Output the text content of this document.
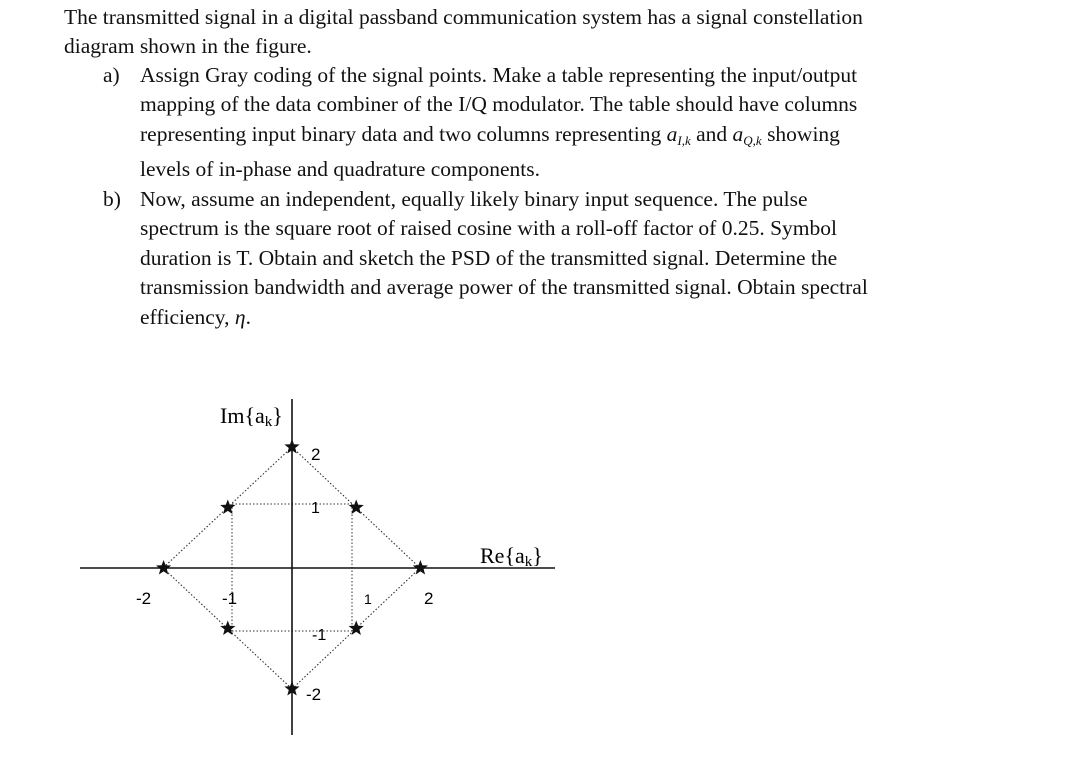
The transmitted signal in a digital passband communication system has a signal constellation
diagram shown in the figure.
a) Assign Gray coding of the signal points. Make a table representing the input/output
mapping of the data combiner of the I/Q modulator. The table should have columns
representing input binary data and two columns representing $a_{I,k}$ and $a_{Q,k}$ showing
levels of in-phase and quadrature components.
b) Now, assume an independent, equally likely binary input sequence. The pulse
spectrum is the square root of raised cosine with a roll-off factor of 0.25. Symbol
duration is T. Obtain and sketch the PSD of the transmitted signal. Determine the
transmission bandwidth and average power of the transmitted signal. Obtain spectral
efficiency, η.
Im{ak}
Re{ak}
-2	-1	1	2
2
1
-1
-2
